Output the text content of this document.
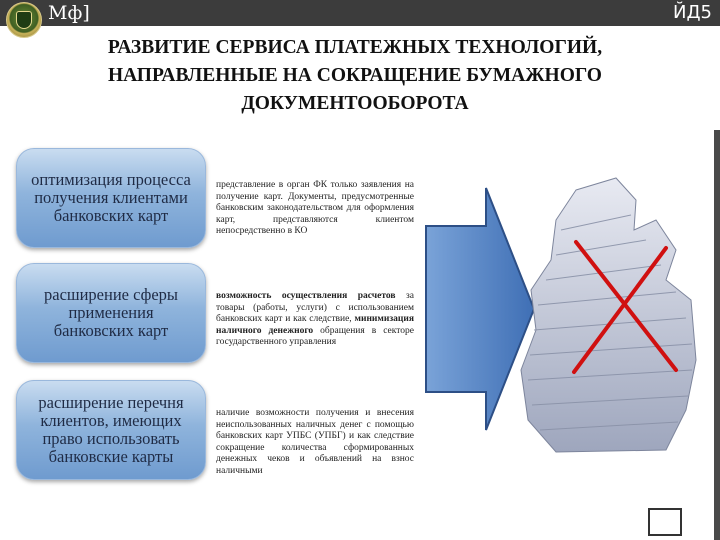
Мф]	ЙД5
РАЗВИТИЕ СЕРВИСА ПЛАТЕЖНЫХ ТЕХНОЛОГИЙ, НАПРАВЛЕННЫЕ НА СОКРАЩЕНИЕ БУМАЖНОГО ДОКУМЕНТООБОРОТА
оптимизация процесса получения клиентами банковских карт
расширение сферы применения банковских карт
расширение перечня клиентов, имеющих право использовать банковские карты
представление в орган ФК только заявления на получение карт. Документы, предусмотренные банковским законодательством для оформления карт, представляются клиентом непосредственно в КО
возможность осуществления расчетов за товары (работы, услуги) с использованием банковских карт и как следствие, минимизация наличного денежного обращения в секторе государственного управления
наличие возможности получения и внесения неиспользованных наличных денег с помощью банковских карт УПБС (УПБГ) и как следствие сокращение количества сформированных денежных чеков и объявлений на взнос наличными
